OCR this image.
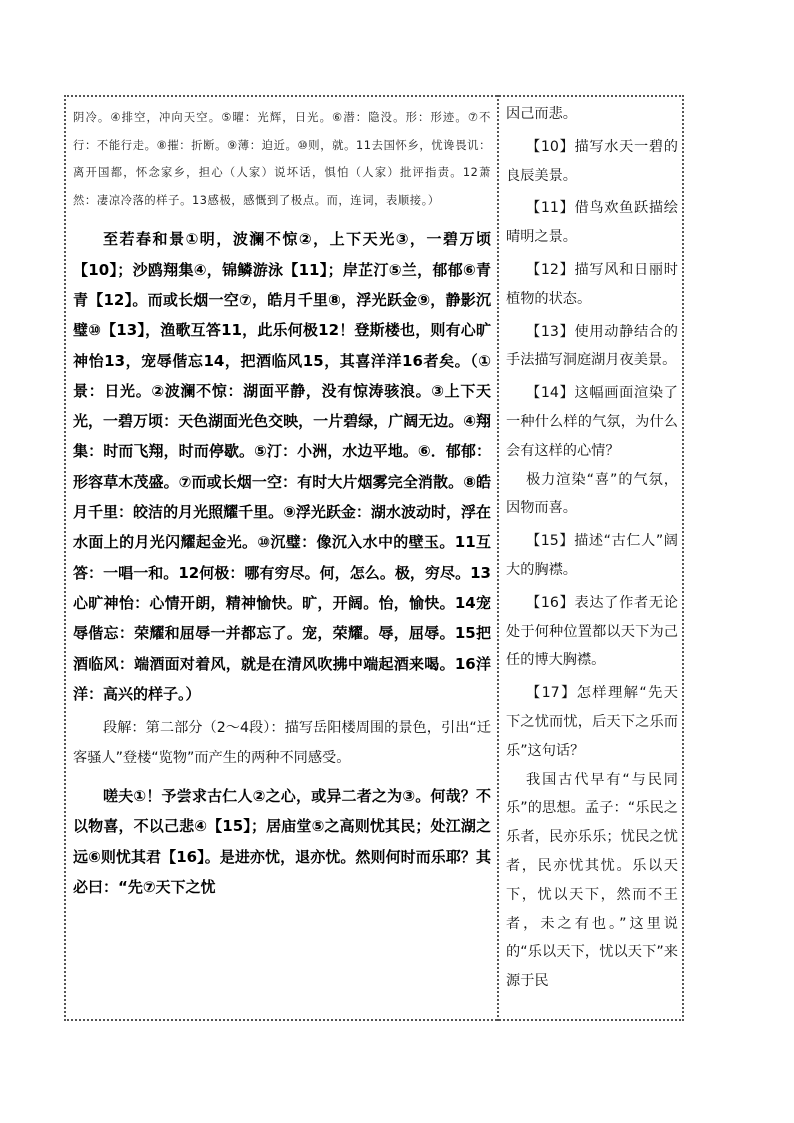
阴冷。④排空，冲向天空。⑤曜：光辉，日光。⑥潜：隐没。形：形迹。⑦不行：不能行走。⑧摧：折断。⑨薄：迫近。⑩则，就。11去国怀乡，忧谗畏讥：离开国都，怀念家乡，担心（人家）说坏话，惧怕（人家）批评指责。12萧然：凄凉冷落的样子。13感极，感慨到了极点。而，连词，表顺接。）

至若春和景①明，波澜不惊②，上下天光③，一碧万顷【10】；沙鸥翔集④，锦鳞游泳【11】；岸芷汀⑤兰，郁郁⑥青青【12】。而或长烟一空⑦，皓月千里⑧，浮光跃金⑨，静影沉璧⑩【13】，渔歌互答11，此乐何极12！登斯楼也，则有心旷神怡13，宠辱偕忘14，把酒临风15，其喜洋洋16者矣。（①景：日光。②波澜不惊：湖面平静，没有惊涛骇浪。③上下天光，一碧万顷：天色湖面光色交映，一片碧绿，广阔无边。④翔集：时而飞翔，时而停歇。⑤汀：小洲，水边平地。⑥．郁郁：形容草木茂盛。⑦而或长烟一空：有时大片烟雾完全消散。⑧皓月千里：皎洁的月光照耀千里。⑨浮光跃金：湖水波动时，浮在水面上的月光闪耀起金光。⑩沉璧：像沉入水中的壁玉。11互答：一唱一和。12何极：哪有穷尽。何，怎么。极，穷尽。13心旷神怡：心情开朗，精神愉快。旷，开阔。怡，愉快。14宠辱偕忘：荣耀和屈辱一并都忘了。宠，荣耀。辱，屈辱。15把酒临风：端酒面对着风，就是在清风吹拂中端起酒来喝。16洋洋：高兴的样子。）

段解：第二部分（2～4段）：描写岳阳楼周围的景色，引出“迁客骚人”登楼“览物”而产生的两种不同感受。

嗟夫①！予尝求古仁人②之心，或异二者之为③。何哉？不以物喜，不以己悲④【15】；居庙堂⑤之高则忧其民；处江湖之远⑥则忧其君【16】。是进亦忧，退亦忧。然则何时而乐耶？其必曰：“先⑦天下之忧

因己而悲。

【10】描写水天一碧的良辰美景。

【11】借鸟欢鱼跃描绘晴明之景。

【12】描写风和日丽时植物的状态。

【13】使用动静结合的手法描写洞庭湖月夜美景。

【14】这幅画面渲染了一种什么样的气氛，为什么会有这样的心情？

极力渲染“喜”的气氛，因物而喜。

【15】描述“古仁人”阔大的胸襟。

【16】表达了作者无论处于何种位置都以天下为己任的博大胸襟。

【17】怎样理解“先天下之忧而忧，后天下之乐而乐”这句话？

我国古代早有“与民同乐”的思想。孟子：“乐民之乐者，民亦乐乐；忧民之忧者，民亦忧其忧。乐以天下，忧以天下，然而不王者，未之有也。”这里说的“乐以天下，忧以天下”来源于民
